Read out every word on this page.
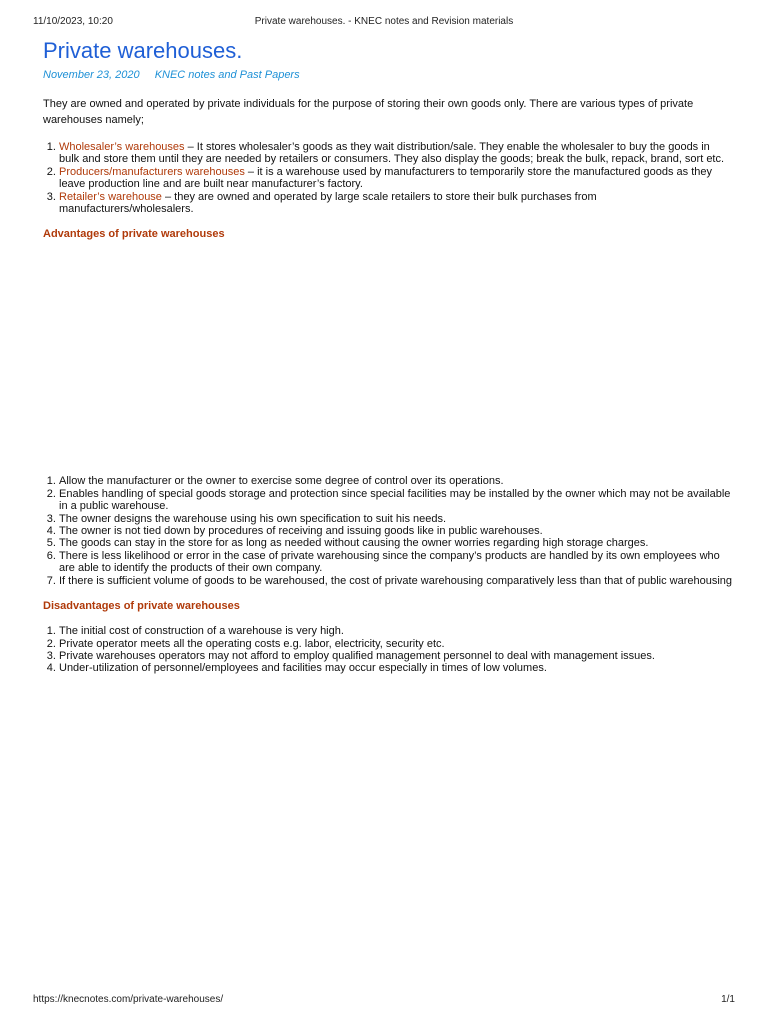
11/10/2023, 10:20	Private warehouses. - KNEC notes and Revision materials
Private warehouses.
November 23, 2020 KNEC notes and Past Papers

They are owned and operated by private individuals for the purpose of storing their own goods only. There are various types of private warehouses namely;

1. Wholesaler’s warehouses – It stores wholesaler’s goods as they wait distribution/sale. They enable the wholesaler to buy the goods in bulk and store them until they are needed by retailers or consumers. They also display the goods; break the bulk, repack, brand, sort etc.
2. Producers/manufacturers warehouses – it is a warehouse used by manufacturers to temporarily store the manufactured goods as they leave production line and are built near manufacturer’s factory.
3. Retailer’s warehouse – they are owned and operated by large scale retailers to store their bulk purchases from manufacturers/wholesalers.
Advantages of private warehouses
1. Allow the manufacturer or the owner to exercise some degree of control over its operations.
2. Enables handling of special goods storage and protection since special facilities may be installed by the owner which may not be available in a public warehouse.
3. The owner designs the warehouse using his own specification to suit his needs.
4. The owner is not tied down by procedures of receiving and issuing goods like in public warehouses.
5. The goods can stay in the store for as long as needed without causing the owner worries regarding high storage charges.
6. There is less likelihood or error in the case of private warehousing since the company’s products are handled by its own employees who are able to identify the products of their own company.
7. If there is sufficient volume of goods to be warehoused, the cost of private warehousing comparatively less than that of public warehousing
Disadvantages of private warehouses
1. The initial cost of construction of a warehouse is very high.
2. Private operator meets all the operating costs e.g. labor, electricity, security etc.
3. Private warehouses operators may not afford to employ qualified management personnel to deal with management issues.
4. Under-utilization of personnel/employees and facilities may occur especially in times of low volumes.
https://knecnotes.com/private-warehouses/	1/1
